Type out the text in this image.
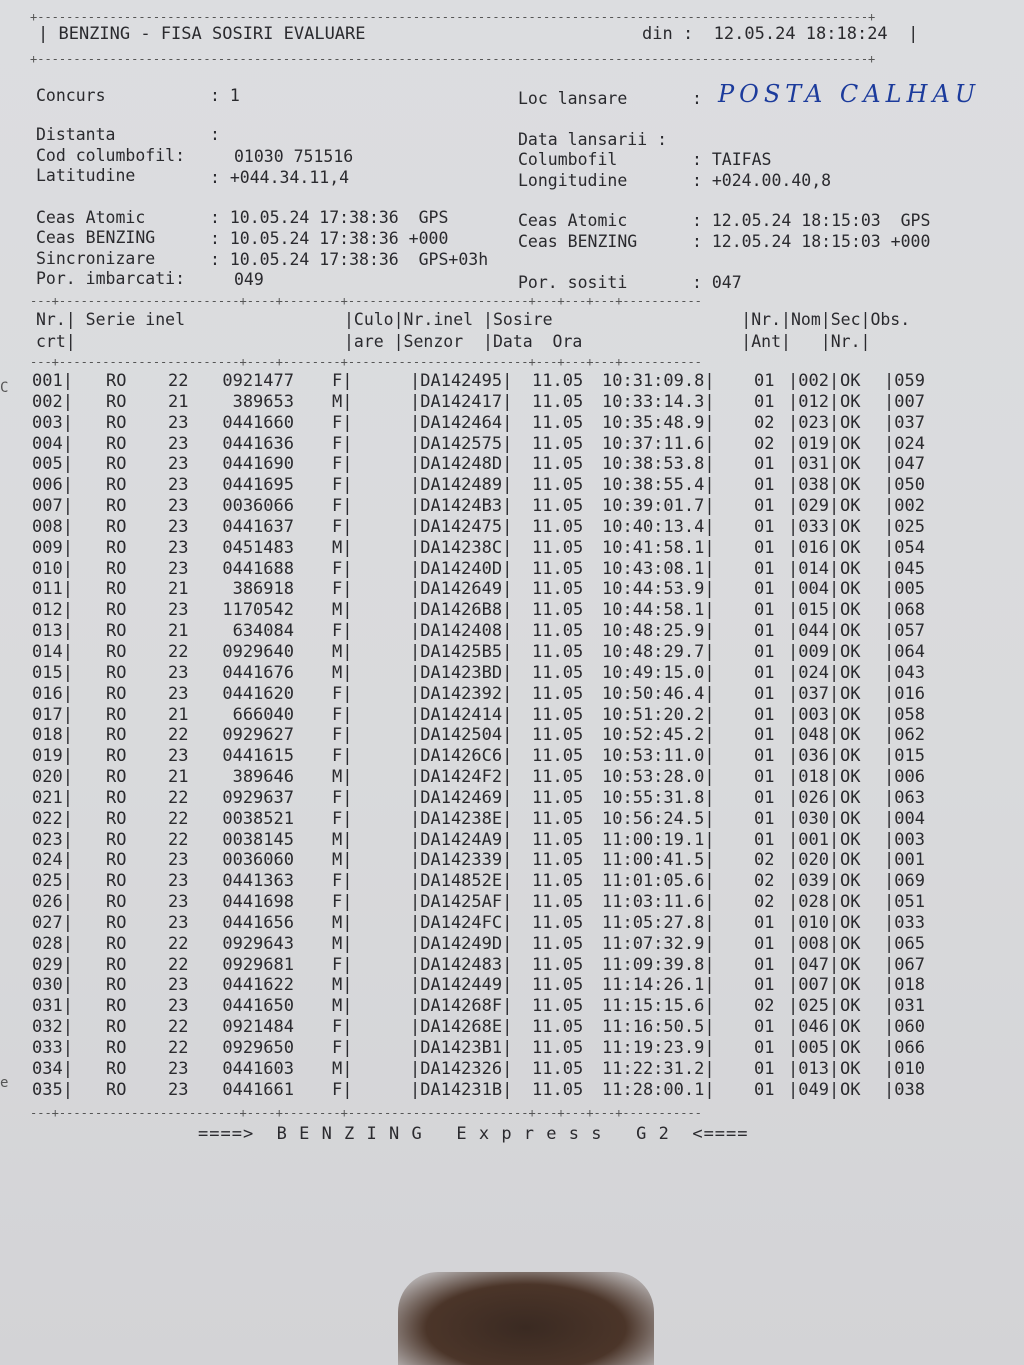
+-------------------------------------------------------------------------------------------------------------------+
| BENZING - FISA SOSIRI EVALUARE	din : 12.05.24 18:18:24  |
+-------------------------------------------------------------------------------------------------------------------+
Concurs	: 1	Loc lansare	: POSTA CALHAU
Distanta	:	Data lansarii :
Cod columbofil:	01030 751516	Columbofil	: TAIFAS
Latitudine	: +044.34.11,4	Longitudine	: +024.00.40,8
Ceas Atomic	: 10.05.24 17:38:36  GPS	Ceas Atomic	: 12.05.24 18:15:03  GPS
Ceas BENZING	: 10.05.24 17:38:36 +000	Ceas BENZING	: 12.05.24 18:15:03 +000
Sincronizare	: 10.05.24 17:38:36  GPS+03h
Por. imbarcati:	049	Por. sositi	: 047
---+-------------------------+----+--------+-------------------------+---+---+---+-----------
Nr.| Serie inel                |Culo|Nr.inel |Sosire                   |Nr.|Nom|Sec|Obs.
crt|                           |are |Senzor  |Data  Ora                |Ant|   |Nr.|
---+-------------------------+----+--------+-------------------------+---+---+---+-----------
001| RO 22	0921477 F|	|DA142495| 11.05 10:31:09.8| 01 |002| OK |059
002| RO 21	389653 M|	|DA142417| 11.05 10:33:14.3| 01 |012| OK |007
003| RO 23	0441660 F|	|DA142464| 11.05 10:35:48.9| 02 |023| OK |037
004| RO 23	0441636 F|	|DA142575| 11.05 10:37:11.6| 02 |019| OK |024
005| RO 23	0441690 F|	|DA14248D| 11.05 10:38:53.8| 01 |031| OK |047
006| RO 23	0441695 F|	|DA142489| 11.05 10:38:55.4| 01 |038| OK |050
007| RO 23	0036066 F|	|DA1424B3| 11.05 10:39:01.7| 01 |029| OK |002
008| RO 23	0441637 F|	|DA142475| 11.05 10:40:13.4| 01 |033| OK |025
009| RO 23	0451483 M|	|DA14238C| 11.05 10:41:58.1| 01 |016| OK |054
010| RO 23	0441688 F|	|DA14240D| 11.05 10:43:08.1| 01 |014| OK |045
011| RO 21	386918 F|	|DA142649| 11.05 10:44:53.9| 01 |004| OK |005
012| RO 23	1170542 M|	|DA1426B8| 11.05 10:44:58.1| 01 |015| OK |068
013| RO 21	634084 F|	|DA142408| 11.05 10:48:25.9| 01 |044| OK |057
014| RO 22	0929640 M|	|DA1425B5| 11.05 10:48:29.7| 01 |009| OK |064
015| RO 23	0441676 M|	|DA1423BD| 11.05 10:49:15.0| 01 |024| OK |043
016| RO 23	0441620 F|	|DA142392| 11.05 10:50:46.4| 01 |037| OK |016
017| RO 21	666040 F|	|DA142414| 11.05 10:51:20.2| 01 |003| OK |058
018| RO 22	0929627 F|	|DA142504| 11.05 10:52:45.2| 01 |048| OK |062
019| RO 23	0441615 F|	|DA1426C6| 11.05 10:53:11.0| 01 |036| OK |015
020| RO 21	389646 M|	|DA1424F2| 11.05 10:53:28.0| 01 |018| OK |006
021| RO 22	0929637 F|	|DA142469| 11.05 10:55:31.8| 01 |026| OK |063
022| RO 22	0038521 F|	|DA14238E| 11.05 10:56:24.5| 01 |030| OK |004
023| RO 22	0038145 M|	|DA1424A9| 11.05 11:00:19.1| 01 |001| OK |003
024| RO 23	0036060 M|	|DA142339| 11.05 11:00:41.5| 02 |020| OK |001
025| RO 23	0441363 F|	|DA14852E| 11.05 11:01:05.6| 02 |039| OK |069
026| RO 23	0441698 F|	|DA1425AF| 11.05 11:03:11.6| 02 |028| OK |051
027| RO 23	0441656 M|	|DA1424FC| 11.05 11:05:27.8| 01 |010| OK |033
028| RO 22	0929643 M|	|DA14249D| 11.05 11:07:32.9| 01 |008| OK |065
029| RO 22	0929681 F|	|DA142483| 11.05 11:09:39.8| 01 |047| OK |067
030| RO 23	0441622 M|	|DA142449| 11.05 11:14:26.1| 01 |007| OK |018
031| RO 23	0441650 M|	|DA14268F| 11.05 11:15:15.6| 02 |025| OK |031
032| RO 22	0921484 F|	|DA14268E| 11.05 11:16:50.5| 01 |046| OK |060
033| RO 22	0929650 F|	|DA1423B1| 11.05 11:19:23.9| 01 |005| OK |066
034| RO 23	0441603 M|	|DA142326| 11.05 11:22:31.2| 01 |013| OK |010
035| RO 23	0441661 F|	|DA14231B| 11.05 11:28:00.1| 01 |049| OK |038
---+-------------------------+----+--------+-------------------------+---+---+---+-----------
====>  B E N Z I N G   E x p r e s s   G 2  <====
C
e
